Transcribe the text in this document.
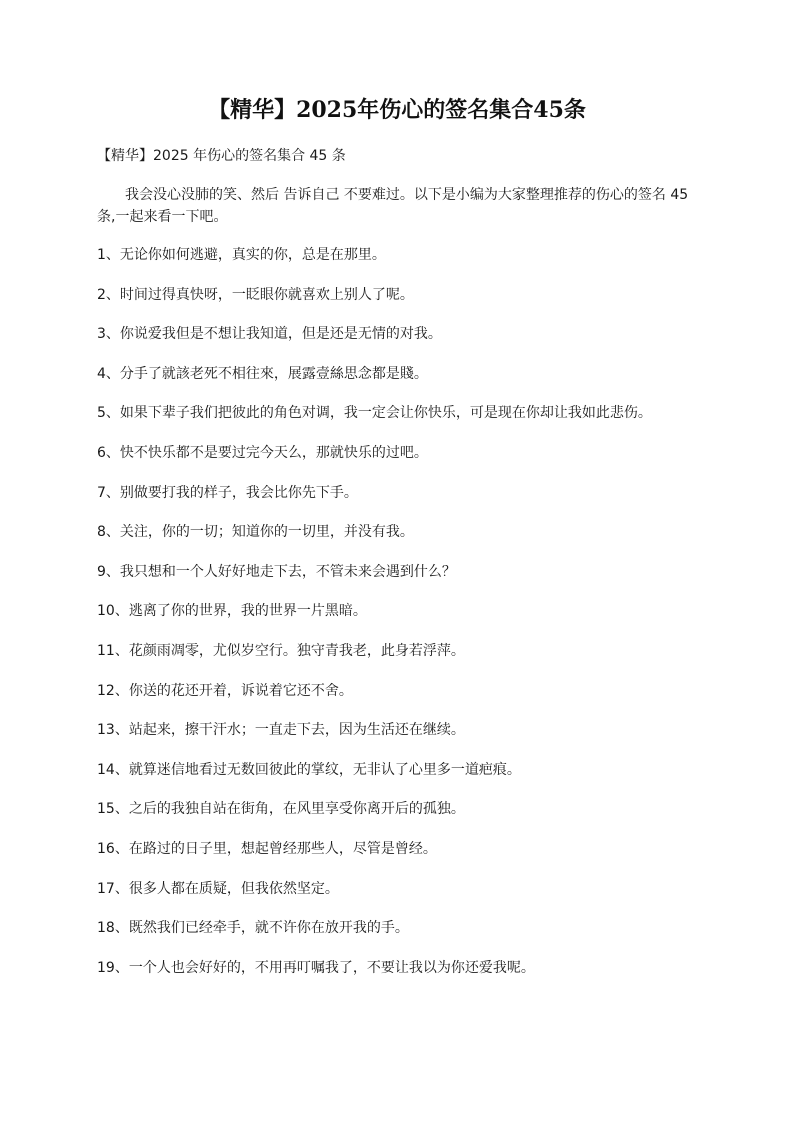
【精华】2025年伤心的签名集合45条

【精华】2025 年伤心的签名集合 45 条

我会没心没肺的笑、然后 告诉自己 不要难过。以下是小编为大家整理推荐的伤心的签名 45 条,一起来看一下吧。

1、无论你如何逃避，真实的你，总是在那里。
2、时间过得真快呀，一眨眼你就喜欢上别人了呢。
3、你说爱我但是不想让我知道，但是还是无情的对我。
4、分手了就該老死不相往來，展露壹絲思念都是賤。
5、如果下辈子我们把彼此的角色对调，我一定会让你快乐，可是现在你却让我如此悲伤。
6、快不快乐都不是要过完今天么，那就快乐的过吧。
7、别做要打我的样子，我会比你先下手。
8、关注，你的一切；知道你的一切里，并没有我。
9、我只想和一个人好好地走下去，不管未来会遇到什么？
10、逃离了你的世界，我的世界一片黑暗。
11、花颜雨凋零，尤似岁空行。独守青我老，此身若浮萍。
12、你送的花还开着，诉说着它还不舍。
13、站起来，擦干汗水；一直走下去，因为生活还在继续。
14、就算迷信地看过无数回彼此的掌纹，无非认了心里多一道疤痕。
15、之后的我独自站在街角，在风里享受你离开后的孤独。
16、在路过的日子里，想起曾经那些人，尽管是曾经。
17、很多人都在质疑，但我依然坚定。
18、既然我们已经牵手，就不许你在放开我的手。
19、一个人也会好好的，不用再叮嘱我了，不要让我以为你还爱我呢。
